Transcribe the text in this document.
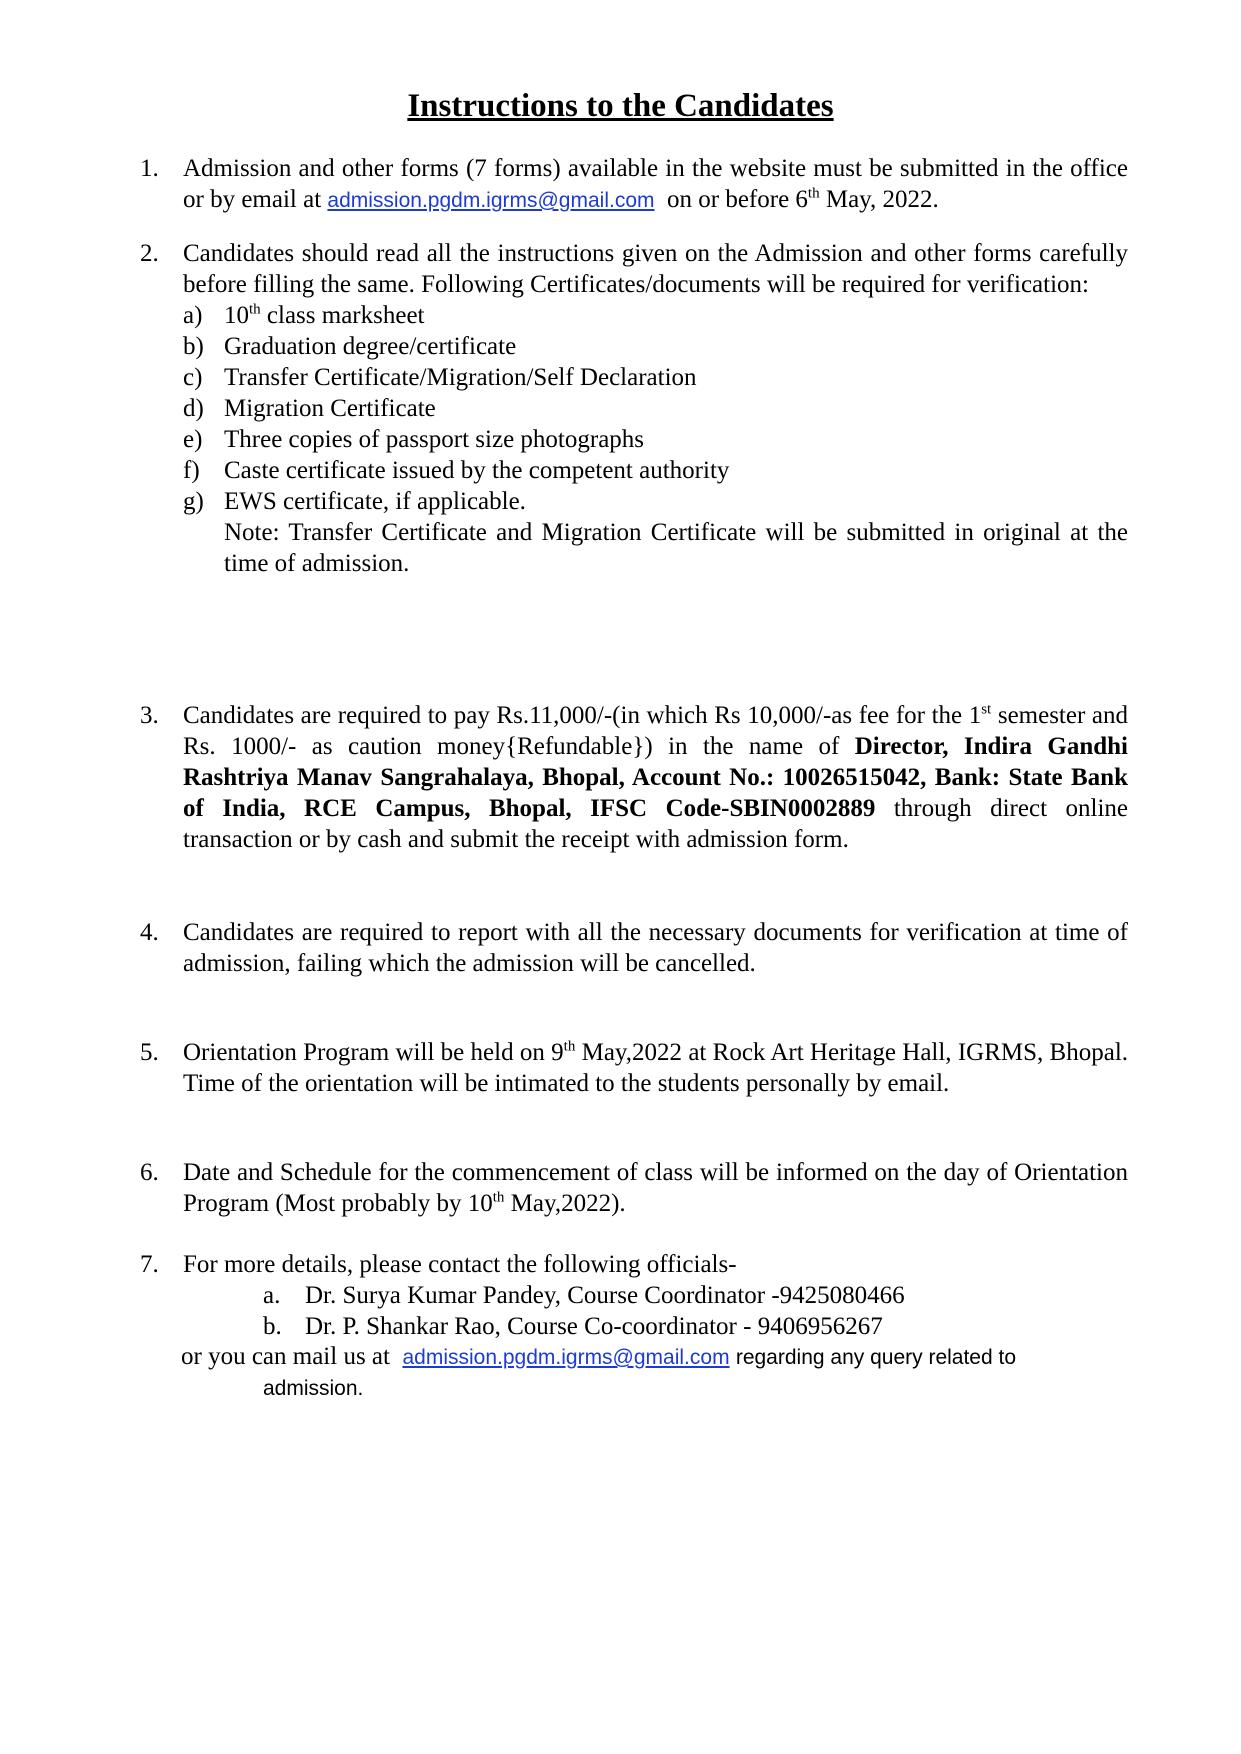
Instructions to the Candidates
1. Admission and other forms (7 forms) available in the website must be submitted in the office or by email at admission.pgdm.igrms@gmail.com on or before 6th May, 2022.

2. Candidates should read all the instructions given on the Admission and other forms carefully before filling the same. Following Certificates/documents will be required for verification:

a) 10th class marksheet
b) Graduation degree/certificate
c) Transfer Certificate/Migration/Self Declaration
d) Migration Certificate
e) Three copies of passport size photographs
f) Caste certificate issued by the competent authority
g) EWS certificate, if applicable.
Note: Transfer Certificate and Migration Certificate will be submitted in original at the time of admission.
3. Candidates are required to pay Rs.11,000/-(in which Rs 10,000/-as fee for the 1st semester and Rs. 1000/- as caution money{Refundable}) in the name of Director, Indira Gandhi Rashtriya Manav Sangrahalaya, Bhopal, Account No.: 10026515042, Bank: State Bank of India, RCE Campus, Bhopal, IFSC Code-SBIN0002889 through direct online transaction or by cash and submit the receipt with admission form.

4. Candidates are required to report with all the necessary documents for verification at time of admission, failing which the admission will be cancelled.

5. Orientation Program will be held on 9th May,2022 at Rock Art Heritage Hall, IGRMS, Bhopal. Time of the orientation will be intimated to the students personally by email.

6. Date and Schedule for the commencement of class will be informed on the day of Orientation Program (Most probably by 10th May,2022).

7. For more details, please contact the following officials-

a. Dr. Surya Kumar Pandey, Course Coordinator -9425080466
b. Dr. P. Shankar Rao, Course Co-coordinator - 9406956267
or you can mail us at admission.pgdm.igrms@gmail.com regarding any query related to
admission.
